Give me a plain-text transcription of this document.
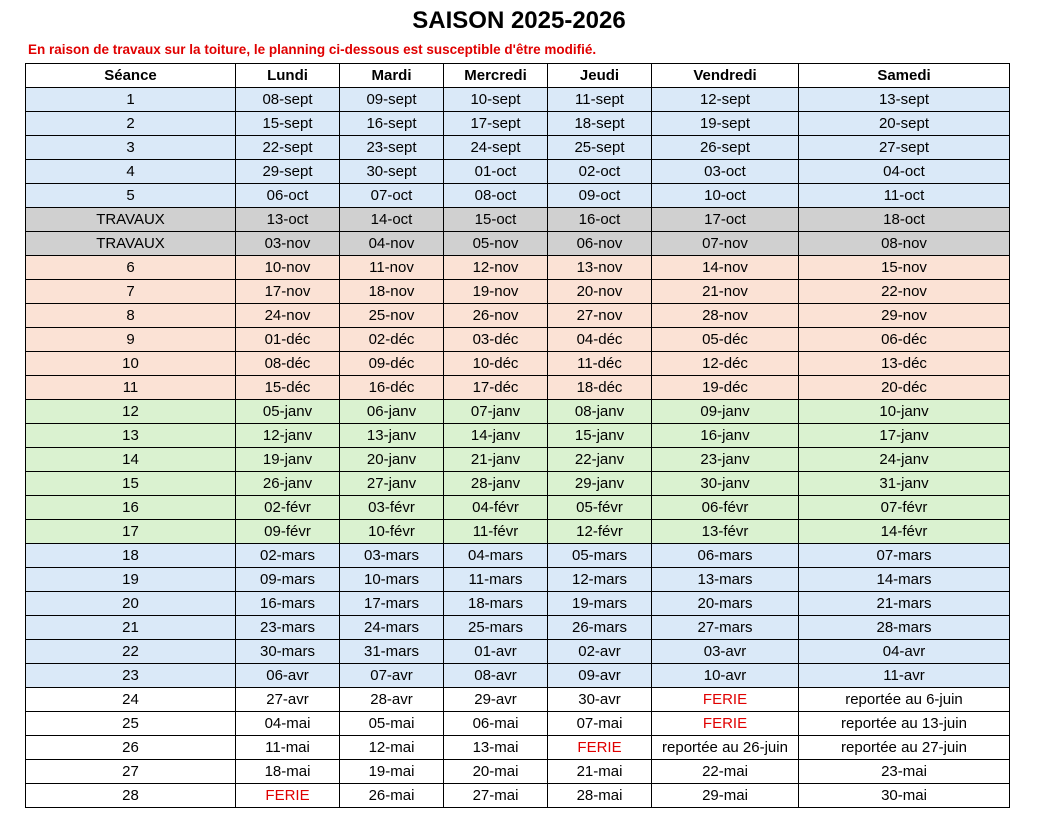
SAISON 2025-2026
En raison de travaux sur la toiture, le planning ci-dessous est susceptible d'être modifié.
Séance	Lundi	Mardi	Mercredi	Jeudi	Vendredi	Samedi
1	08-sept	09-sept	10-sept	11-sept	12-sept	13-sept
2	15-sept	16-sept	17-sept	18-sept	19-sept	20-sept
3	22-sept	23-sept	24-sept	25-sept	26-sept	27-sept
4	29-sept	30-sept	01-oct	02-oct	03-oct	04-oct
5	06-oct	07-oct	08-oct	09-oct	10-oct	11-oct
TRAVAUX	13-oct	14-oct	15-oct	16-oct	17-oct	18-oct
TRAVAUX	03-nov	04-nov	05-nov	06-nov	07-nov	08-nov
6	10-nov	11-nov	12-nov	13-nov	14-nov	15-nov
7	17-nov	18-nov	19-nov	20-nov	21-nov	22-nov
8	24-nov	25-nov	26-nov	27-nov	28-nov	29-nov
9	01-déc	02-déc	03-déc	04-déc	05-déc	06-déc
10	08-déc	09-déc	10-déc	11-déc	12-déc	13-déc
11	15-déc	16-déc	17-déc	18-déc	19-déc	20-déc
12	05-janv	06-janv	07-janv	08-janv	09-janv	10-janv
13	12-janv	13-janv	14-janv	15-janv	16-janv	17-janv
14	19-janv	20-janv	21-janv	22-janv	23-janv	24-janv
15	26-janv	27-janv	28-janv	29-janv	30-janv	31-janv
16	02-févr	03-févr	04-févr	05-févr	06-févr	07-févr
17	09-févr	10-févr	11-févr	12-févr	13-févr	14-févr
18	02-mars	03-mars	04-mars	05-mars	06-mars	07-mars
19	09-mars	10-mars	11-mars	12-mars	13-mars	14-mars
20	16-mars	17-mars	18-mars	19-mars	20-mars	21-mars
21	23-mars	24-mars	25-mars	26-mars	27-mars	28-mars
22	30-mars	31-mars	01-avr	02-avr	03-avr	04-avr
23	06-avr	07-avr	08-avr	09-avr	10-avr	11-avr
24	27-avr	28-avr	29-avr	30-avr	FERIE	reportée au 6-juin
25	04-mai	05-mai	06-mai	07-mai	FERIE	reportée au 13-juin
26	11-mai	12-mai	13-mai	FERIE	reportée au 26-juin	reportée au 27-juin
27	18-mai	19-mai	20-mai	21-mai	22-mai	23-mai
28	FERIE	26-mai	27-mai	28-mai	29-mai	30-mai
